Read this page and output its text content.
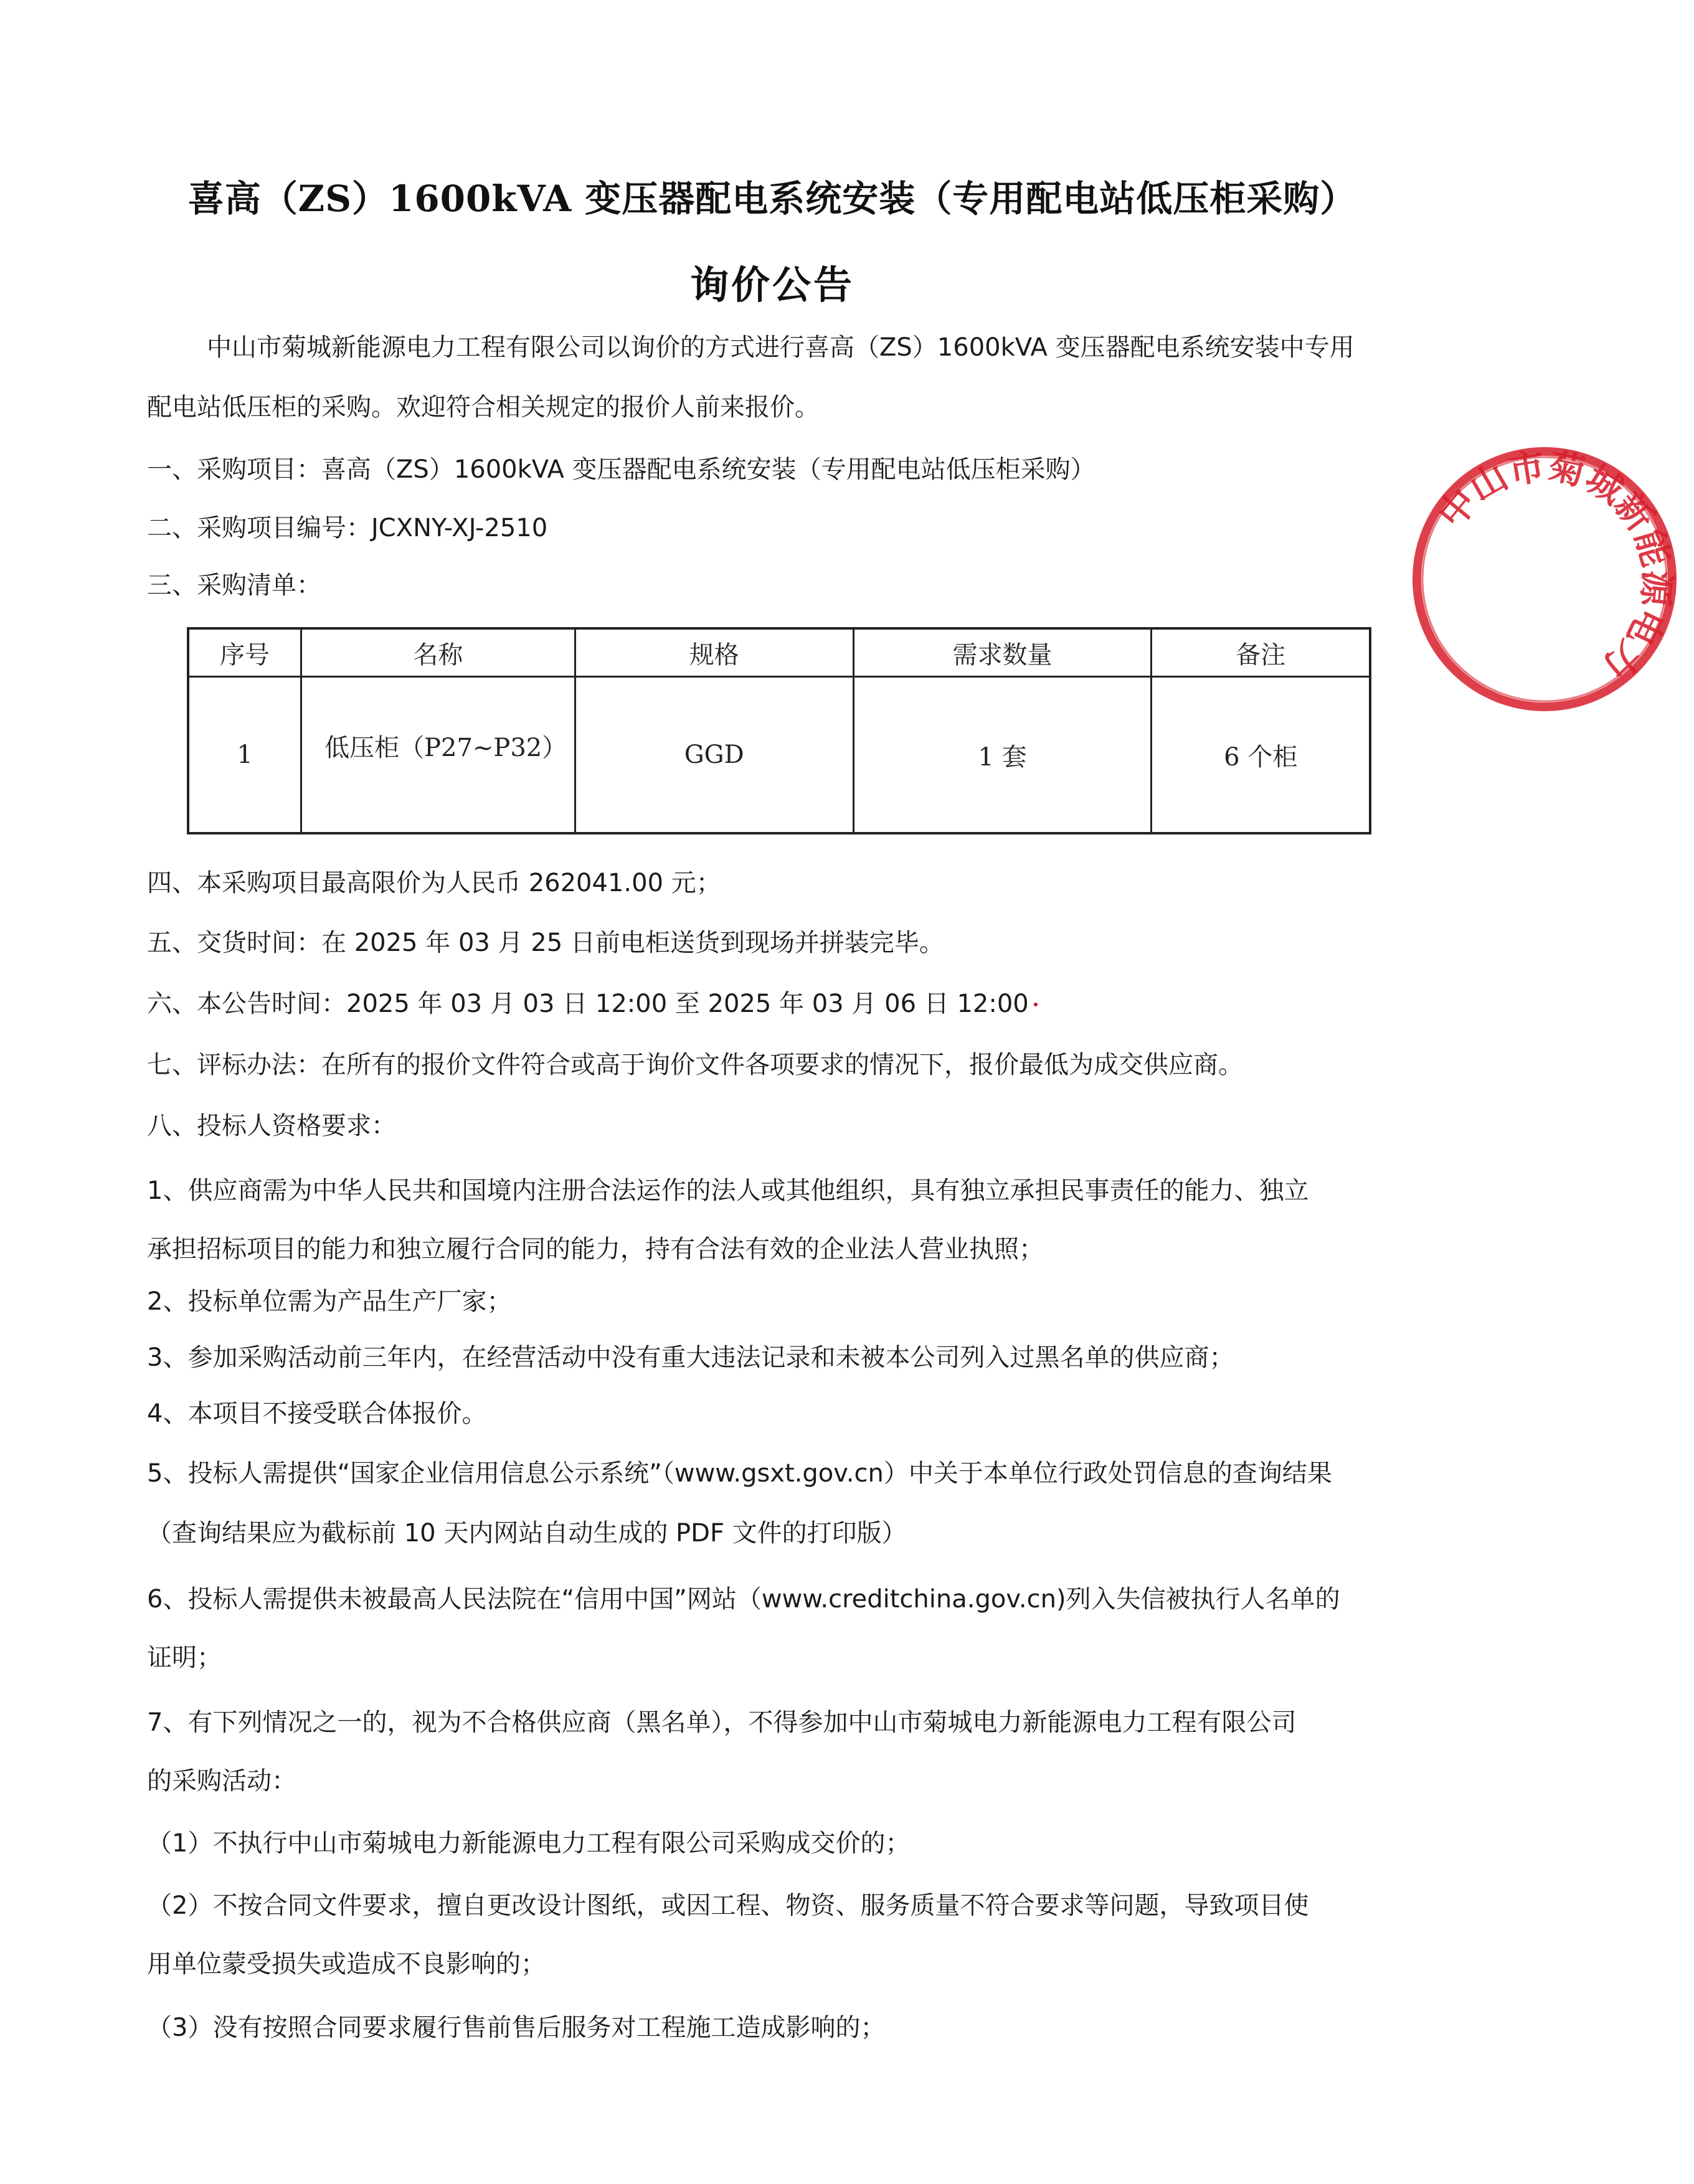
喜高（ZS）1600kVA 变压器配电系统安装（专用配电站低压柜采购）
询价公告
中山市菊城新能源电力工程有限公司以询价的方式进行喜高（ZS）1600kVA 变压器配电系统安装中专用
配电站低压柜的采购。欢迎符合相关规定的报价人前来报价。
一、采购项目：喜高（ZS）1600kVA 变压器配电系统安装（专用配电站低压柜采购）
二、采购项目编号：JCXNY-XJ-2510
三、采购清单：
序号	名称	规格	需求数量	备注
1	低压柜（P27~P32）	GGD	1 套	6 个柜
四、本采购项目最高限价为人民币 262041.00 元；
五、交货时间：在 2025 年 03 月 25 日前电柜送货到现场并拼装完毕。
六、本公告时间：2025 年 03 月 03 日 12:00 至 2025 年 03 月 06 日 12:00
七、评标办法：在所有的报价文件符合或高于询价文件各项要求的情况下，报价最低为成交供应商。
八、投标人资格要求：
1、供应商需为中华人民共和国境内注册合法运作的法人或其他组织，具有独立承担民事责任的能力、独立
承担招标项目的能力和独立履行合同的能力，持有合法有效的企业法人营业执照；
2、投标单位需为产品生产厂家；
3、参加采购活动前三年内，在经营活动中没有重大违法记录和未被本公司列入过黑名单的供应商；
4、本项目不接受联合体报价。
5、投标人需提供“国家企业信用信息公示系统”（www.gsxt.gov.cn）中关于本单位行政处罚信息的查询结果
（查询结果应为截标前 10 天内网站自动生成的 PDF 文件的打印版）
6、投标人需提供未被最高人民法院在“信用中国”网站（www.creditchina.gov.cn)列入失信被执行人名单的
证明；
7、有下列情况之一的，视为不合格供应商（黑名单），不得参加中山市菊城电力新能源电力工程有限公司
的采购活动：
（1）不执行中山市菊城电力新能源电力工程有限公司采购成交价的；
（2）不按合同文件要求，擅自更改设计图纸，或因工程、物资、服务质量不符合要求等问题，导致项目使
用单位蒙受损失或造成不良影响的；
（3）没有按照合同要求履行售前售后服务对工程施工造成影响的；
中山市菊城新能源电力
